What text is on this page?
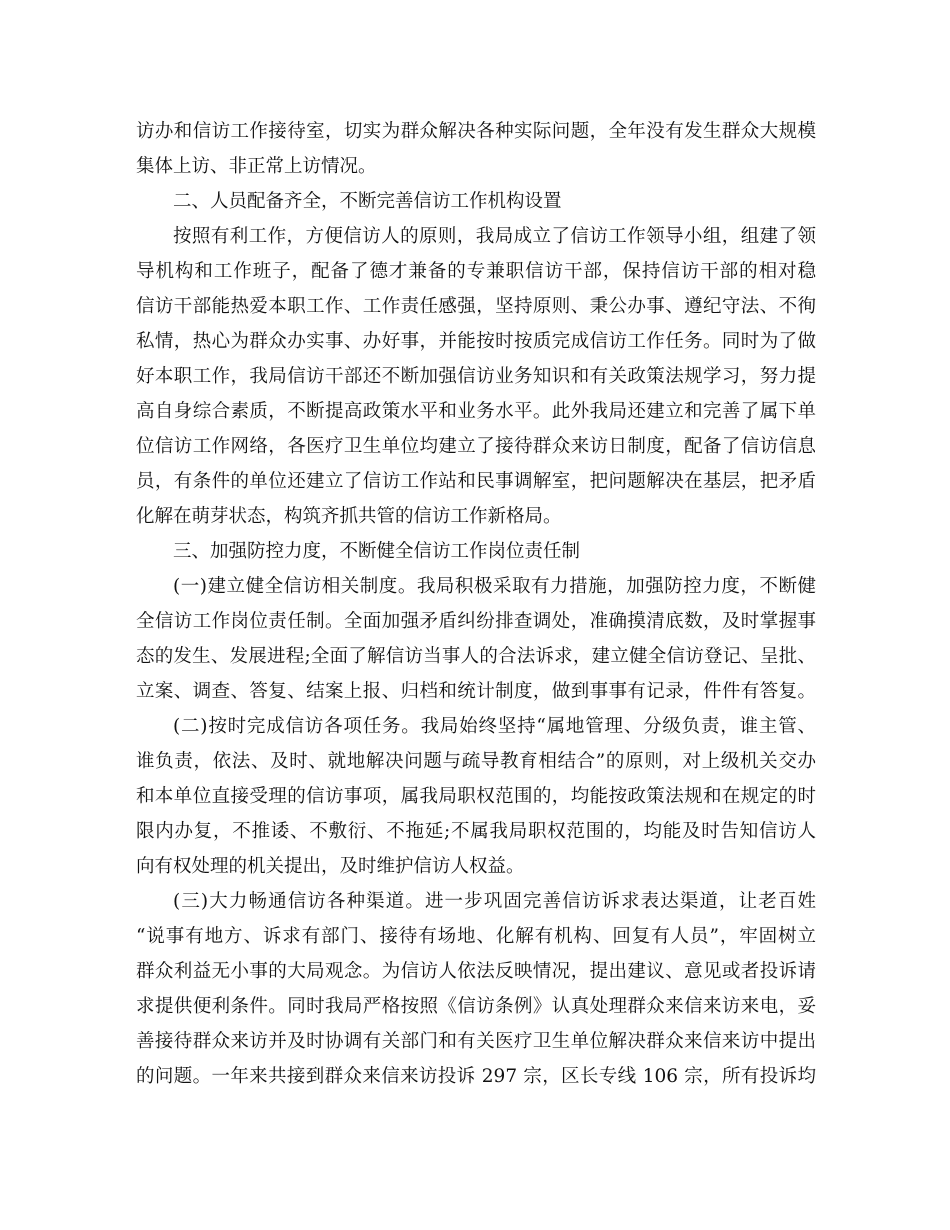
访办和信访工作接待室，切实为群众解决各种实际问题，全年没有发生群众大规模
集体上访、非正常上访情况。
二、人员配备齐全，不断完善信访工作机构设置
按照有利工作，方便信访人的原则，我局成立了信访工作领导小组，组建了领
导机构和工作班子，配备了德才兼备的专兼职信访干部，保持信访干部的相对稳
信访干部能热爱本职工作、工作责任感强，坚持原则、秉公办事、遵纪守法、不徇
私情，热心为群众办实事、办好事，并能按时按质完成信访工作任务。同时为了做
好本职工作，我局信访干部还不断加强信访业务知识和有关政策法规学习，努力提
高自身综合素质，不断提高政策水平和业务水平。此外我局还建立和完善了属下单
位信访工作网络，各医疗卫生单位均建立了接待群众来访日制度，配备了信访信息
员，有条件的单位还建立了信访工作站和民事调解室，把问题解决在基层，把矛盾
化解在萌芽状态，构筑齐抓共管的信访工作新格局。
三、加强防控力度，不断健全信访工作岗位责任制
(一)建立健全信访相关制度。我局积极采取有力措施，加强防控力度，不断健
全信访工作岗位责任制。全面加强矛盾纠纷排查调处，准确摸清底数，及时掌握事
态的发生、发展进程;全面了解信访当事人的合法诉求，建立健全信访登记、呈批、
立案、调查、答复、结案上报、归档和统计制度，做到事事有记录，件件有答复。
(二)按时完成信访各项任务。我局始终坚持“属地管理、分级负责，谁主管、
谁负责，依法、及时、就地解决问题与疏导教育相结合”的原则，对上级机关交办
和本单位直接受理的信访事项，属我局职权范围的，均能按政策法规和在规定的时
限内办复，不推诿、不敷衍、不拖延;不属我局职权范围的，均能及时告知信访人
向有权处理的机关提出，及时维护信访人权益。
(三)大力畅通信访各种渠道。进一步巩固完善信访诉求表达渠道，让老百姓
“说事有地方、诉求有部门、接待有场地、化解有机构、回复有人员”，牢固树立
群众利益无小事的大局观念。为信访人依法反映情况，提出建议、意见或者投诉请
求提供便利条件。同时我局严格按照《信访条例》认真处理群众来信来访来电，妥
善接待群众来访并及时协调有关部门和有关医疗卫生单位解决群众来信来访中提出
的问题。一年来共接到群众来信来访投诉 297 宗，区长专线 106 宗，所有投诉均
